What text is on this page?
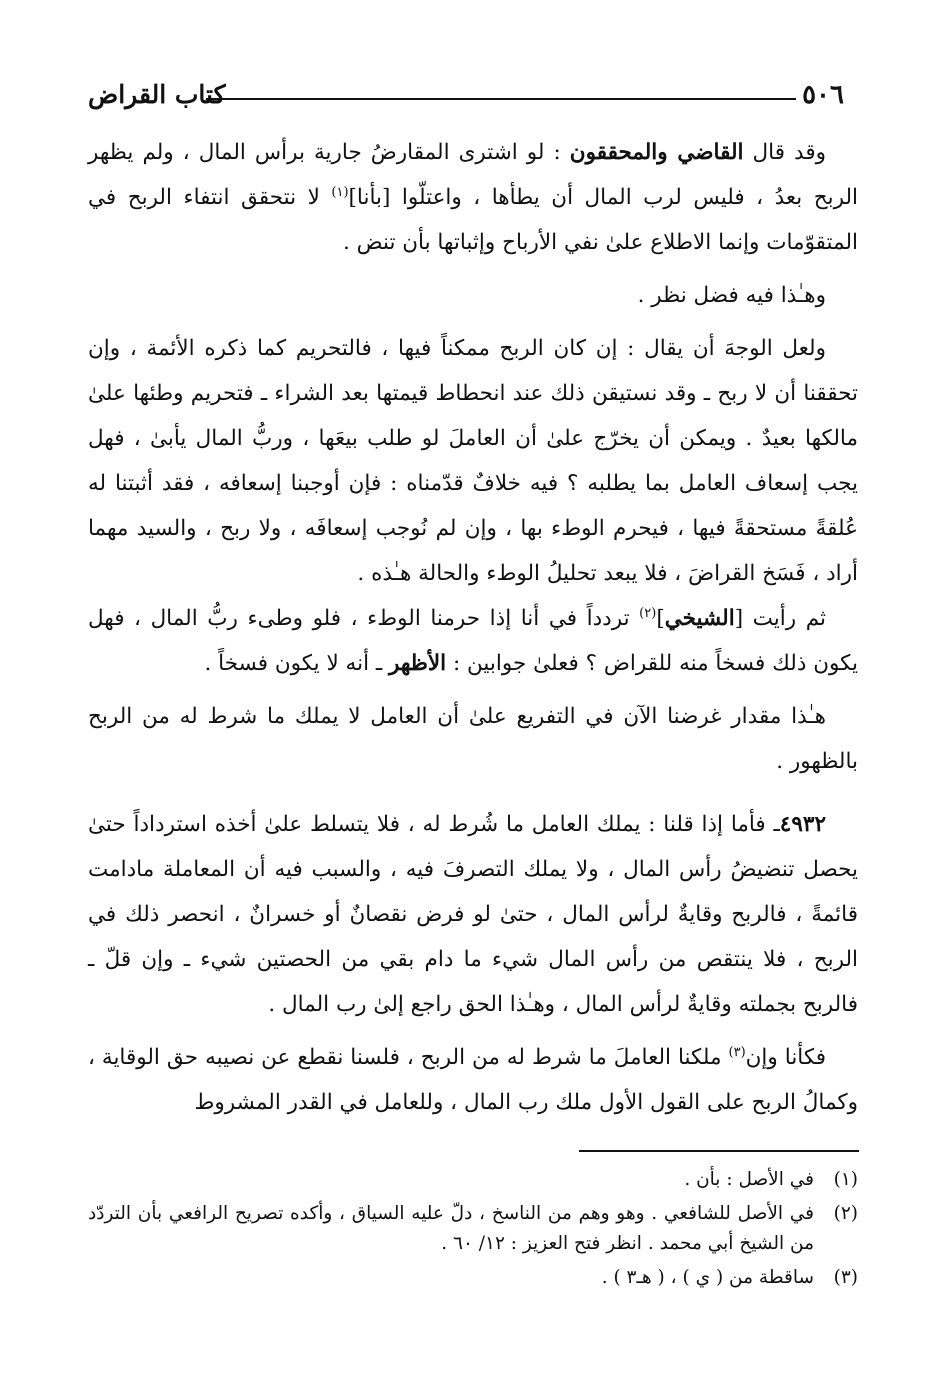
٥٠٦
كتاب القراض

وقد قال القاضي والمحققون : لو اشترى المقارضُ جارية برأس المال ، ولم يظهر الربح بعدُ ، فليس لرب المال أن يطأها ، واعتلّوا [بأنا]$^{(١)}$ لا نتحقق انتفاء الربح في المتقوّمات وإنما الاطلاع علىٰ نفي الأرباح وإثباتها بأن تنض .

وهـٰذا فيه فضل نظر .

ولعل الوجهَ أن يقال : إن كان الربح ممكناً فيها ، فالتحريم كما ذكره الأئمة ، وإن تحققنا أن لا ربح ـ وقد نستيقن ذلك عند انحطاط قيمتها بعد الشراء ـ فتحريم وطئها علىٰ مالكها بعيدٌ . ويمكن أن يخرّج علىٰ أن العاملَ لو طلب بيعَها ، وربُّ المال يأبىٰ ، فهل يجب إسعاف العامل بما يطلبه ؟ فيه خلافٌ قدّمناه : فإن أوجبنا إسعافه ، فقد أثبتنا له عُلقةً مستحقةً فيها ، فيحرم الوطء بها ، وإن لم نُوجب إسعافَه ، ولا ربح ، والسيد مهما أراد ، فَسَخ القراضَ ، فلا يبعد تحليلُ الوطء والحالة هـٰذه .

ثم رأيت [الشيخي]$^{(٢)}$ تردداً في أنا إذا حرمنا الوطء ، فلو وطىء ربُّ المال ، فهل يكون ذلك فسخاً منه للقراض ؟ فعلىٰ جوابين : الأظهر ـ أنه لا يكون فسخاً .

هـٰذا مقدار غرضنا الآن في التفريع علىٰ أن العامل لا يملك ما شرط له من الربح بالظهور .

٤٩٣٢ـ فأما إذا قلنا : يملك العامل ما شُرط له ، فلا يتسلط علىٰ أخذه استرداداً حتىٰ يحصل تنضيضُ رأس المال ، ولا يملك التصرفَ فيه ، والسبب فيه أن المعاملة مادامت قائمةً ، فالربح وقايةٌ لرأس المال ، حتىٰ لو فرض نقصانٌ أو خسرانٌ ، انحصر ذلك في الربح ، فلا ينتقص من رأس المال شيء ما دام بقي من الحصتين شيء ـ وإن قلّ ـ فالربح بجملته وقايةٌ لرأس المال ، وهـٰذا الحق راجع إلىٰ رب المال .

فكأنا وإن$^{(٣)}$ ملكنا العاملَ ما شرط له من الربح ، فلسنا نقطع عن نصيبه حق الوقاية ، وكمالُ الربح على القول الأول ملك رب المال ، وللعامل في القدر المشروط

(١)
في الأصل : بأن .
(٢)
في الأصل للشافعي . وهو وهم من الناسخ ، دلّ عليه السياق ، وأكده تصريح الرافعي بأن التردّد من الشيخ أبي محمد . انظر فتح العزيز : ١٢/ ٦٠ .
(٣)
ساقطة من ( ي ) ، ( هـ٣ ) .
